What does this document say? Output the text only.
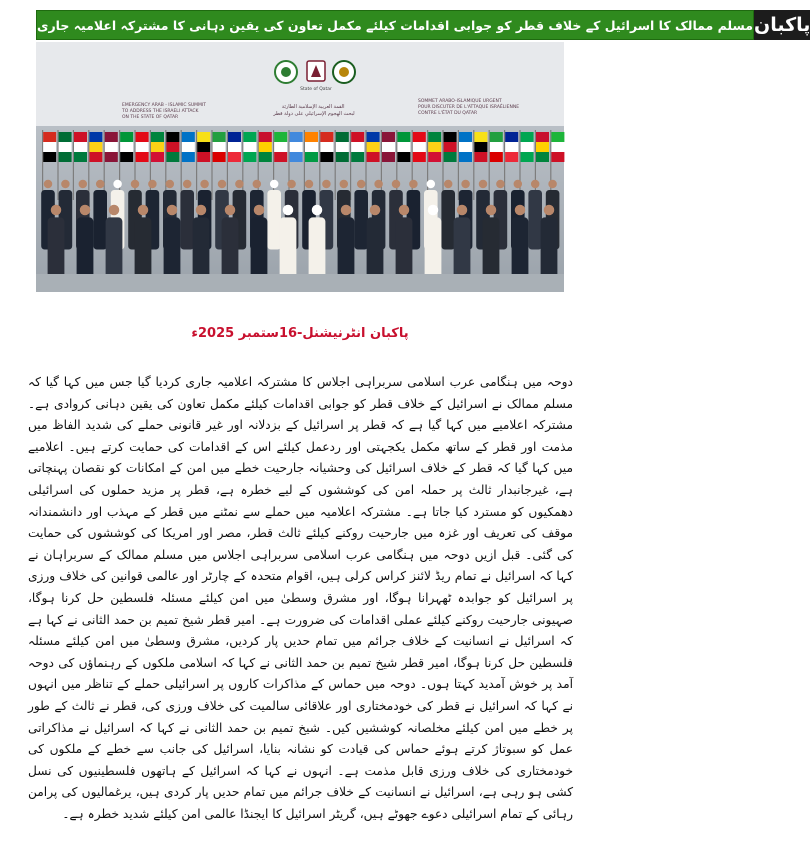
مسلم ممالک کا اسرائیل کے خلاف قطر کو جوابی اقدامات کیلئے مکمل تعاون کی یقین دہانی کا مشترکہ اعلامیہ جاری پاکبان
State of Qatar
EMERGENCY ARAB - ISLAMIC SUMMIT TO ADDRESS THE ISRAELI ATTACK ON THE STATE OF QATAR
القمة العربية الإسلامية الطارئة لبحث الهجوم الإسرائيلي على دولة قطر
SOMMET ARABO-ISLAMIQUE URGENT POUR DISCUTER DE L'ATTAQUE ISRAÉLIENNE CONTRE L'ÉTAT DU QATAR
پاکبان انٹرنیشنل-16ستمبر 2025ء

دوحہ میں ہنگامی عرب اسلامی سربراہی اجلاس کا مشترکہ اعلامیہ جاری کردیا گیا جس میں کہا گیا کہ مسلم ممالک نے اسرائیل کے خلاف قطر کو جوابی اقدامات کیلئے مکمل تعاون کی یقین دہانی کروادی ہے۔ مشترکہ اعلامیے میں کہا گیا ہے کہ قطر پر اسرائیل کے بزدلانہ اور غیر قانونی حملے کی شدید الفاظ میں مذمت اور قطر کے ساتھ مکمل یکجہتی اور ردعمل کیلئے اس کے اقدامات کی حمایت کرتے ہیں۔ اعلامیے میں کہا گیا کہ قطر کے خلاف اسرائیل کی وحشیانہ جارحیت خطے میں امن کے امکانات کو نقصان پہنچاتی ہے، غیرجانبدار ثالث پر حملہ امن کی کوششوں کے لیے خطرہ ہے، قطر پر مزید حملوں کی اسرائیلی دھمکیوں کو مسترد کیا جاتا ہے۔ مشترکہ اعلامیہ میں حملے سے نمٹنے میں قطر کے مہذب اور دانشمندانہ موقف کی تعریف اور غزہ میں جارحیت روکنے کیلئے ثالث قطر، مصر اور امریکا کی کوششوں کی حمایت کی گئی۔ قبل ازیں دوحہ میں ہنگامی عرب اسلامی سربراہی اجلاس میں مسلم ممالک کے سربراہان نے کہا کہ اسرائیل نے تمام ریڈ لائنز کراس کرلی ہیں، اقوام متحدہ کے چارٹر اور عالمی قوانین کی خلاف ورزی پر اسرائیل کو جوابدہ ٹھہرانا ہوگا، اور مشرق وسطیٰ میں امن کیلئے مسئلہ فلسطین حل کرنا ہوگا، صہیونی جارحیت روکنے کیلئے عملی اقدامات کی ضرورت ہے۔ امیر قطر شیخ تمیم بن حمد الثانی نے کہا ہے کہ اسرائیل نے انسانیت کے خلاف جرائم میں تمام حدیں پار کردیں، مشرق وسطیٰ میں امن کیلئے مسئلہ فلسطین حل کرنا ہوگا، امیر قطر شیخ تمیم بن حمد الثانی نے کہا کہ اسلامی ملکوں کے رہنماؤں کی دوحہ آمد پر خوش آمدید کہتا ہوں۔ دوحہ میں حماس کے مذاکرات کاروں پر اسرائیلی حملے کے تناظر میں انہوں نے کہا کہ اسرائیل نے قطر کی خودمختاری اور علاقائی سالمیت کی خلاف ورزی کی، قطر نے ثالث کے طور پر خطے میں امن کیلئے مخلصانہ کوششیں کیں۔ شیخ تمیم بن حمد الثانی نے کہا کہ اسرائیل نے مذاکراتی عمل کو سبوتاژ کرتے ہوئے حماس کی قیادت کو نشانہ بنایا، اسرائیل کی جانب سے خطے کے ملکوں کی خودمختاری کی خلاف ورزی قابل مذمت ہے۔ انہوں نے کہا کہ اسرائیل کے ہاتھوں فلسطینیوں کی نسل کشی ہو رہی ہے، اسرائیل نے انسانیت کے خلاف جرائم میں تمام حدیں پار کردی ہیں، یرغمالیوں کی پرامن رہائی کے تمام اسرائیلی دعوے جھوٹے ہیں، گریٹر اسرائیل کا ایجنڈا عالمی امن کیلئے شدید خطرہ ہے۔
